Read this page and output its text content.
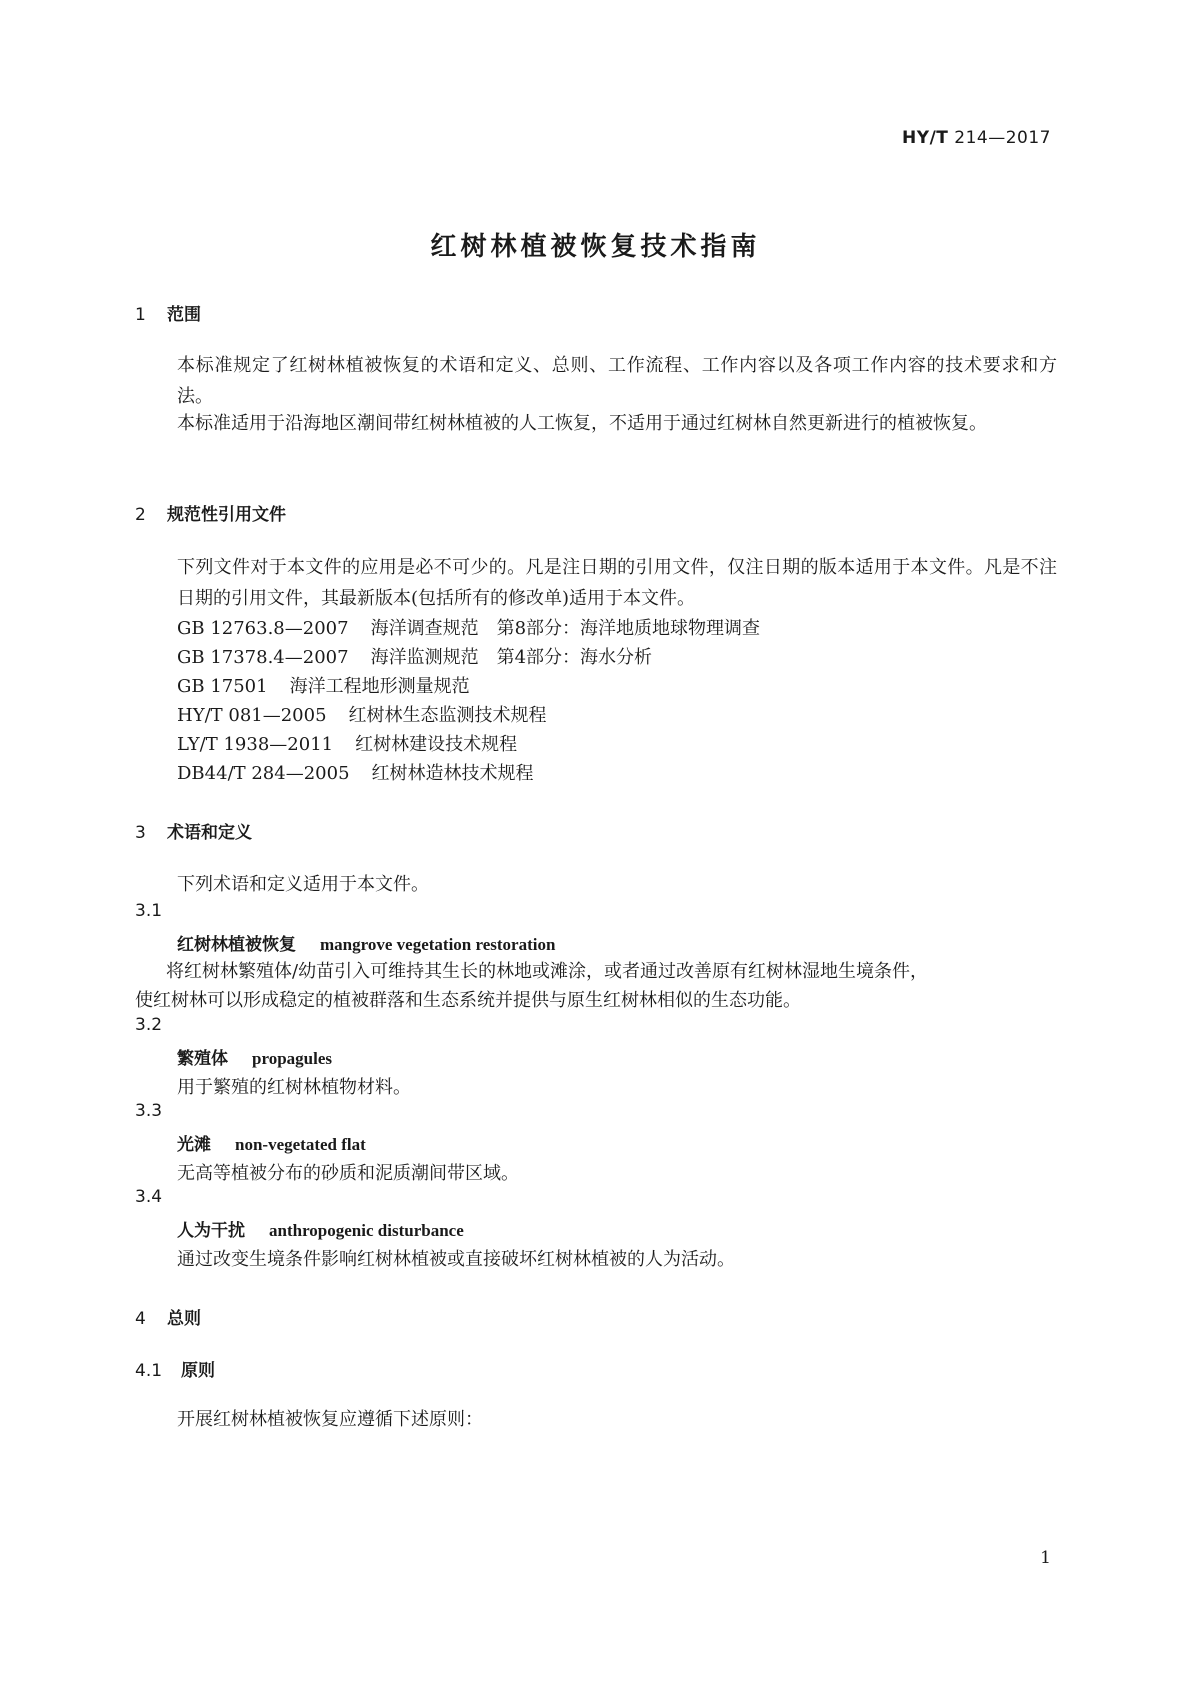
HY/T 214—2017
红树林植被恢复技术指南
1 范围
本标准规定了红树林植被恢复的术语和定义、总则、工作流程、工作内容以及各项工作内容的技术要求和方法。
本标准适用于沿海地区潮间带红树林植被的人工恢复，不适用于通过红树林自然更新进行的植被恢复。
2 规范性引用文件
下列文件对于本文件的应用是必不可少的。凡是注日期的引用文件，仅注日期的版本适用于本文件。凡是不注日期的引用文件，其最新版本(包括所有的修改单)适用于本文件。
GB 12763.8—2007 海洋调查规范　第8部分：海洋地质地球物理调查
GB 17378.4—2007 海洋监测规范　第4部分：海水分析
GB 17501 海洋工程地形测量规范
HY/T 081—2005 红树林生态监测技术规程
LY/T 1938—2011 红树林建设技术规程
DB44/T 284—2005 红树林造林技术规程
3 术语和定义
下列术语和定义适用于本文件。
3.1
红树林植被恢复 mangrove vegetation restoration
将红树林繁殖体/幼苗引入可维持其生长的林地或滩涂，或者通过改善原有红树林湿地生境条件，
使红树林可以形成稳定的植被群落和生态系统并提供与原生红树林相似的生态功能。
3.2
繁殖体 propagules
用于繁殖的红树林植物材料。
3.3
光滩 non-vegetated flat
无高等植被分布的砂质和泥质潮间带区域。
3.4
人为干扰 anthropogenic disturbance
通过改变生境条件影响红树林植被或直接破坏红树林植被的人为活动。
4 总则
4.1 原则
开展红树林植被恢复应遵循下述原则：
1
